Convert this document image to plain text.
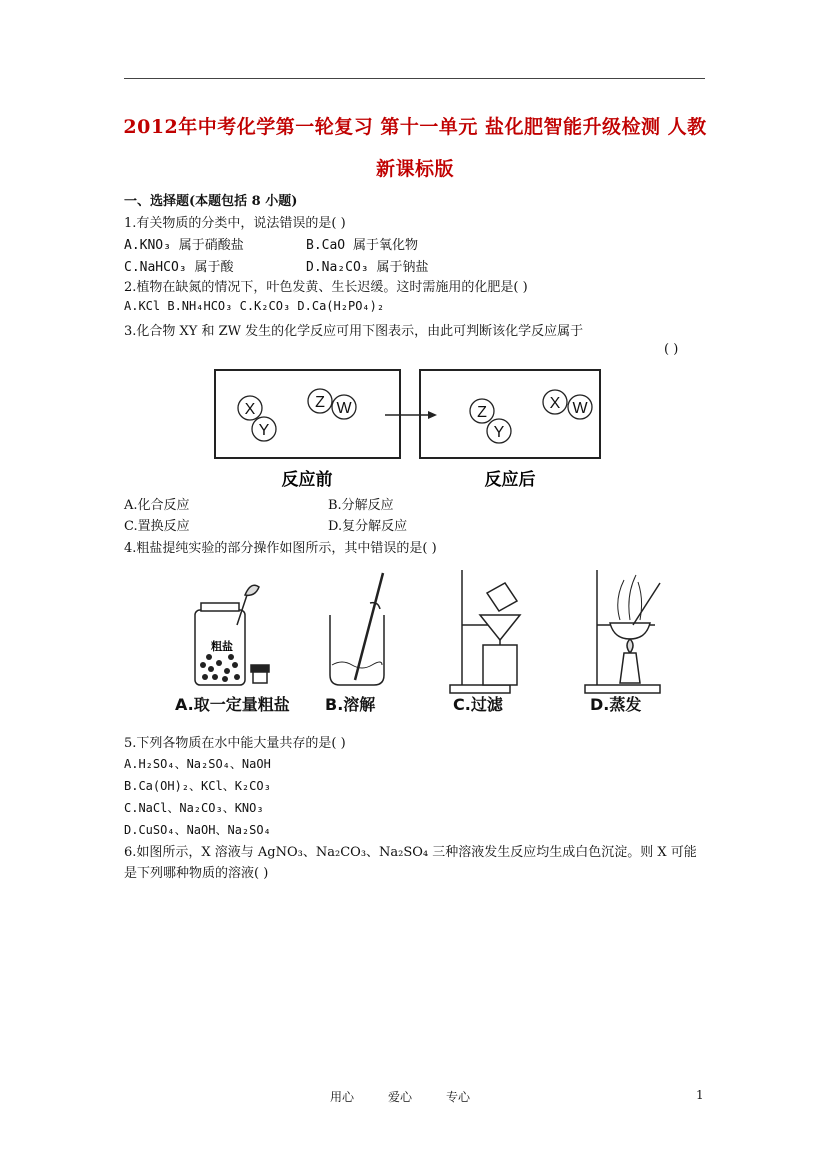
2012年中考化学第一轮复习 第十一单元 盐化肥智能升级检测 人教
新课标版
一、选择题(本题包括 8 小题)
1.有关物质的分类中，说法错误的是( )
A.KNO₃ 属于硝酸盐	B.CaO 属于氧化物
C.NaHCO₃ 属于酸	D.Na₂CO₃ 属于钠盐
2.植物在缺氮的情况下，叶色发黄、生长迟缓。这时需施用的化肥是( )
A.KCl B.NH₄HCO₃ C.K₂CO₃ D.Ca(H₂PO₄)₂
3.化合物 XY 和 ZW 发生的化学反应可用下图表示，由此可判断该化学反应属于
( )
X
Y
Z W	Z
Y
X W
反应前	反应后
A.化合反应	B.分解反应
C.置换反应	D.复分解反应
4.粗盐提纯实验的部分操作如图所示，其中错误的是( )
粗盐
A.取一定量粗盐 B.溶解	C.过滤	D.蒸发
5.下列各物质在水中能大量共存的是( )
A.H₂SO₄、Na₂SO₄、NaOH
B.Ca(OH)₂、KCl、K₂CO₃
C.NaCl、Na₂CO₃、KNO₃
D.CuSO₄、NaOH、Na₂SO₄
6.如图所示，X 溶液与 AgNO₃、Na₂CO₃、Na₂SO₄ 三种溶液发生反应均生成白色沉淀。则 X 可能
是下列哪种物质的溶液( )
用心	爱心	专心	1
